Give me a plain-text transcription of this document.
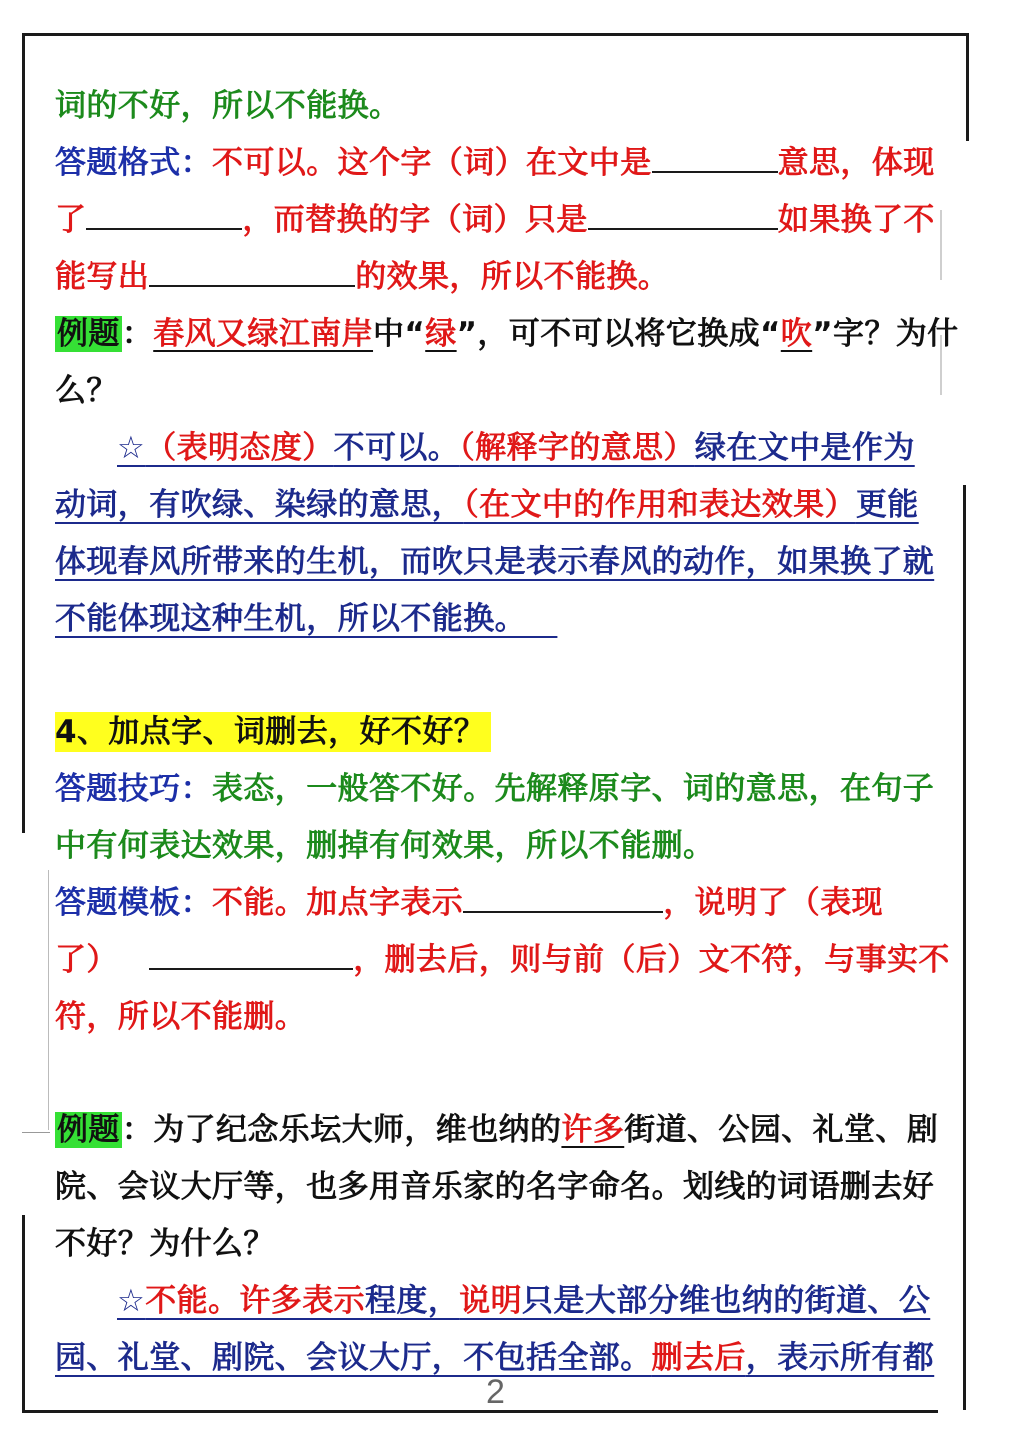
词的不好，所以不能换。
答题格式：不可以。这个字（词）在文中是	意思，体现
了	，而替换的字（词）只是	如果换了不
能写出	的效果，所以不能换。
例题：春风又绿江南岸中“绿”，可不可以将它换成“吹”字？为什
么？
☆（表明态度）不可以。（解释字的意思）绿在文中是作为
动词，有吹绿、染绿的意思，（在文中的作用和表达效果）更能
体现春风所带来的生机，而吹只是表示春风的动作，如果换了就
不能体现这种生机，所以不能换。 
4、加点字、词删去，好不好？
答题技巧：表态，一般答不好。先解释原字、词的意思，在句子
中有何表达效果，删掉有何效果，所以不能删。
答题模板：不能。加点字表示	，说明了（表现
了） 	，删去后，则与前（后）文不符，与事实不
符，所以不能删。
例题：为了纪念乐坛大师，维也纳的许多街道、公园、礼堂、剧
院、会议大厅等，也多用音乐家的名字命名。划线的词语删去好
不好？为什么？
☆不能。许多表示程度，说明只是大部分维也纳的街道、公
园、礼堂、剧院、会议大厅，不包括全部。删去后，表示所有都
2
